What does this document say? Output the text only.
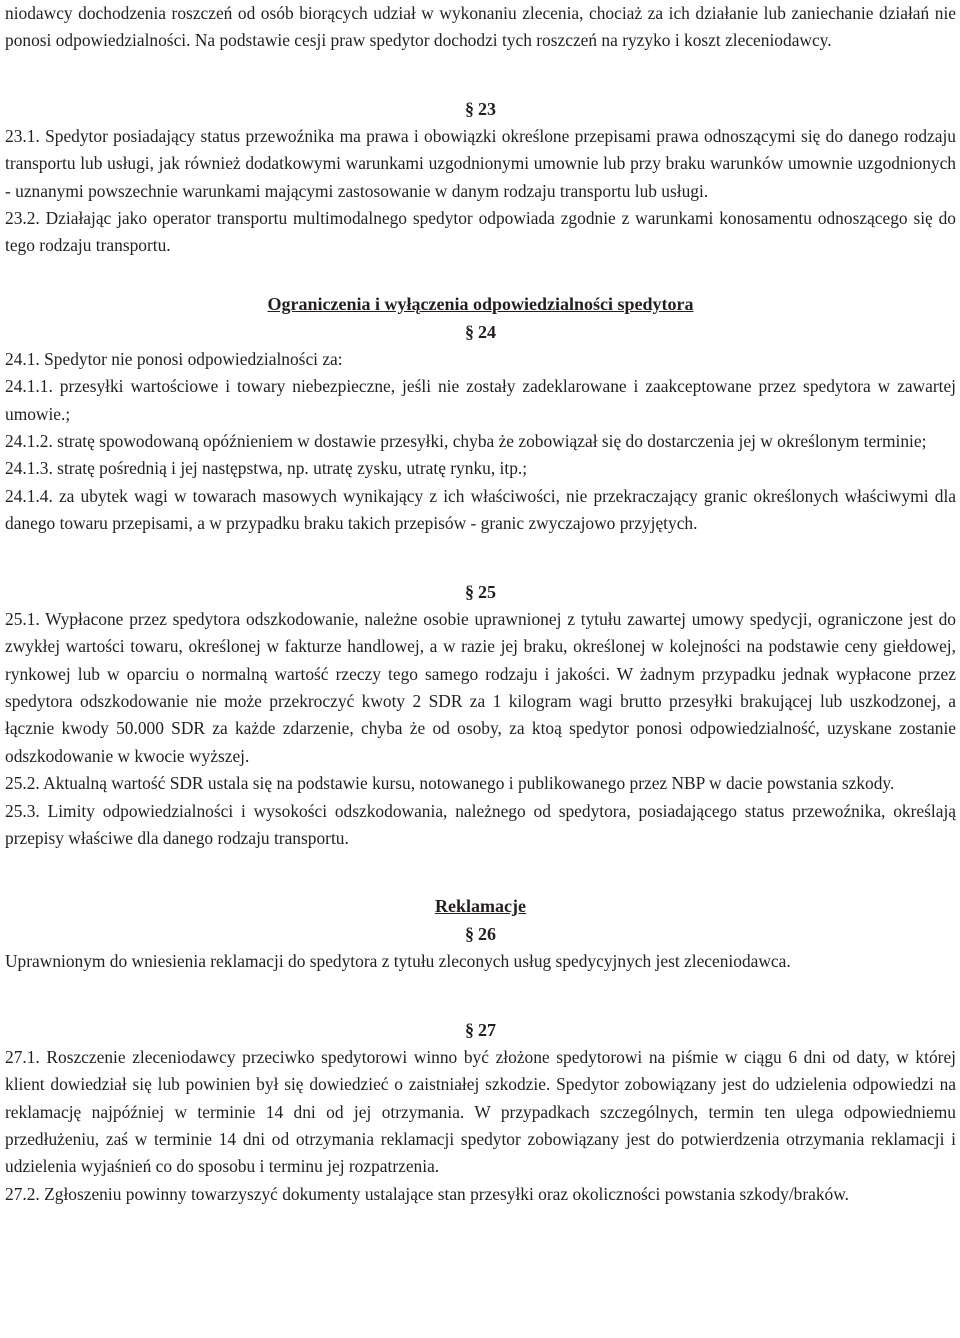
niodawcy dochodzenia roszczeń od osób biorących udział w wykonaniu zlecenia, chociaż za ich działanie lub zaniechanie działań nie ponosi odpowiedzialności. Na podstawie cesji praw spedytor dochodzi tych roszczeń na ryzyko i koszt zleceniodawcy.

§ 23

23.1. Spedytor posiadający status przewoźnika ma prawa i obowiązki określone przepisami prawa odnoszącymi się do danego rodzaju transportu lub usługi, jak również dodatkowymi warunkami uzgodnionymi umownie lub przy braku warunków umownie uzgodnionych - uznanymi powszechnie warunkami mającymi zastosowanie w danym rodzaju transportu lub usługi.

23.2. Działając jako operator transportu multimodalnego spedytor odpowiada zgodnie z warunkami konosamentu odnoszącego się do tego rodzaju transportu.

Ograniczenia i wyłączenia odpowiedzialności spedytora
§ 24

24.1. Spedytor nie ponosi odpowiedzialności za:

24.1.1. przesyłki wartościowe i towary niebezpieczne, jeśli nie zostały zadeklarowane i zaakceptowane przez spedytora w zawartej umowie.;

24.1.2. stratę spowodowaną opóźnieniem w dostawie przesyłki, chyba że zobowiązał się do dostarczenia jej w określonym terminie;

24.1.3. stratę pośrednią i jej następstwa, np. utratę zysku, utratę rynku, itp.;

24.1.4. za ubytek wagi w towarach masowych wynikający z ich właściwości, nie przekraczający granic określonych właściwymi dla danego towaru przepisami, a w przypadku braku takich przepisów - granic zwyczajowo przyjętych.

§ 25

25.1. Wypłacone przez spedytora odszkodowanie, należne osobie uprawnionej z tytułu zawartej umowy spedycji, ograniczone jest do zwykłej wartości towaru, określonej w fakturze handlowej, a w razie jej braku, określonej w kolejności na podstawie ceny giełdowej, rynkowej lub w oparciu o normalną wartość rzeczy tego samego rodzaju i jakości. W żadnym przypadku jednak wypłacone przez spedytora odszkodowanie nie może przekroczyć kwoty 2 SDR za 1 kilogram wagi brutto przesyłki brakującej lub uszkodzonej, a łącznie kwody 50.000 SDR za każde zdarzenie, chyba że od osoby, za ktoą spedytor ponosi odpowiedzialność, uzyskane zostanie odszkodowanie w kwocie wyższej.

25.2. Aktualną wartość SDR ustala się na podstawie kursu, notowanego i publikowanego przez NBP w dacie powstania szkody.

25.3. Limity odpowiedzialności i wysokości odszkodowania, należnego od spedytora, posiadającego status przewoźnika, określają przepisy właściwe dla danego rodzaju transportu.

Reklamacje
§ 26

Uprawnionym do wniesienia reklamacji do spedytora z tytułu zleconych usług spedycyjnych jest zleceniodawca.

§ 27

27.1. Roszczenie zleceniodawcy przeciwko spedytorowi winno być złożone spedytorowi na piśmie w ciągu 6 dni od daty, w której klient dowiedział się lub powinien był się dowiedzieć o zaistniałej szkodzie. Spedytor zobowiązany jest do udzielenia odpowiedzi na reklamację najpóźniej w terminie 14 dni od jej otrzymania. W przypadkach szczególnych, termin ten ulega odpowiedniemu przedłużeniu, zaś w terminie 14 dni od otrzymania reklamacji spedytor zobowiązany jest do potwierdzenia otrzymania reklamacji i udzielenia wyjaśnień co do sposobu i terminu jej rozpatrzenia.

27.2. Zgłoszeniu powinny towarzyszyć dokumenty ustalające stan przesyłki oraz okoliczności powstania szkody/braków.
